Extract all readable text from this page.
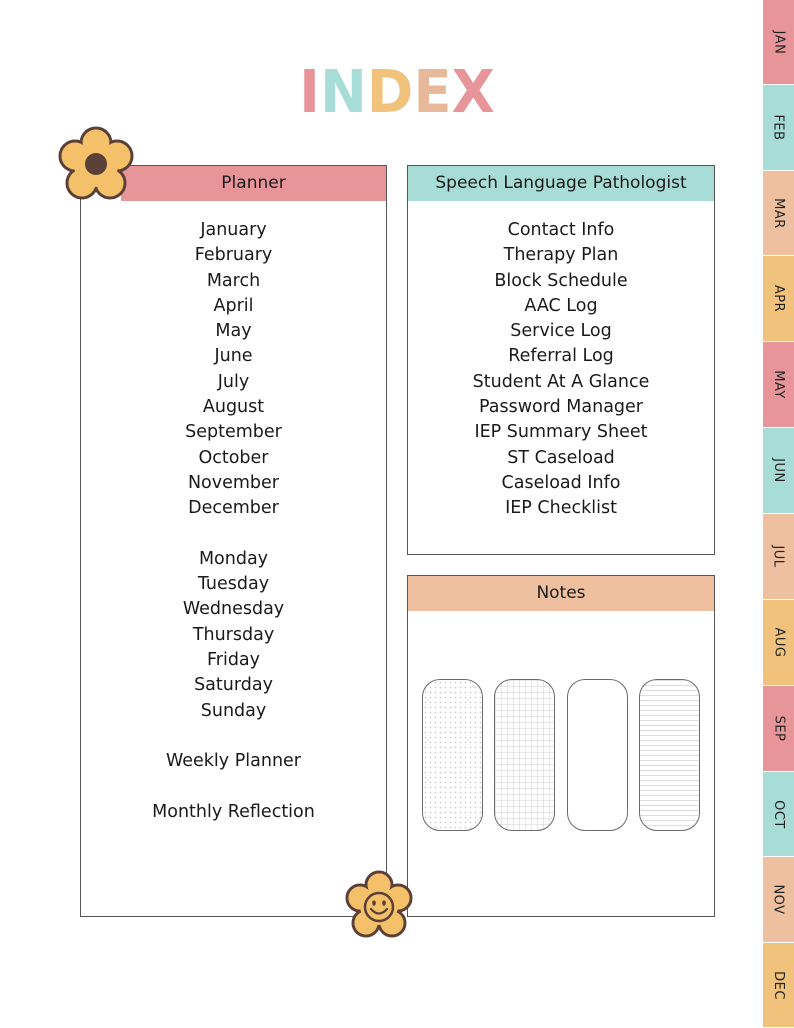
INDEX
Planner
January
February
March
April
May
June
July
August
September
October
November
December
Monday
Tuesday
Wednesday
Thursday
Friday
Saturday
Sunday
Weekly Planner
Monthly Reflection
Speech Language Pathologist
Contact Info
Therapy Plan
Block Schedule
AAC Log
Service Log
Referral Log
Student At A Glance
Password Manager
IEP Summary Sheet
ST Caseload
Caseload Info
IEP Checklist
Notes
JAN
FEB
MAR
APR
MAY
JUN
JUL
AUG
SEP
OCT
NOV
DEC
